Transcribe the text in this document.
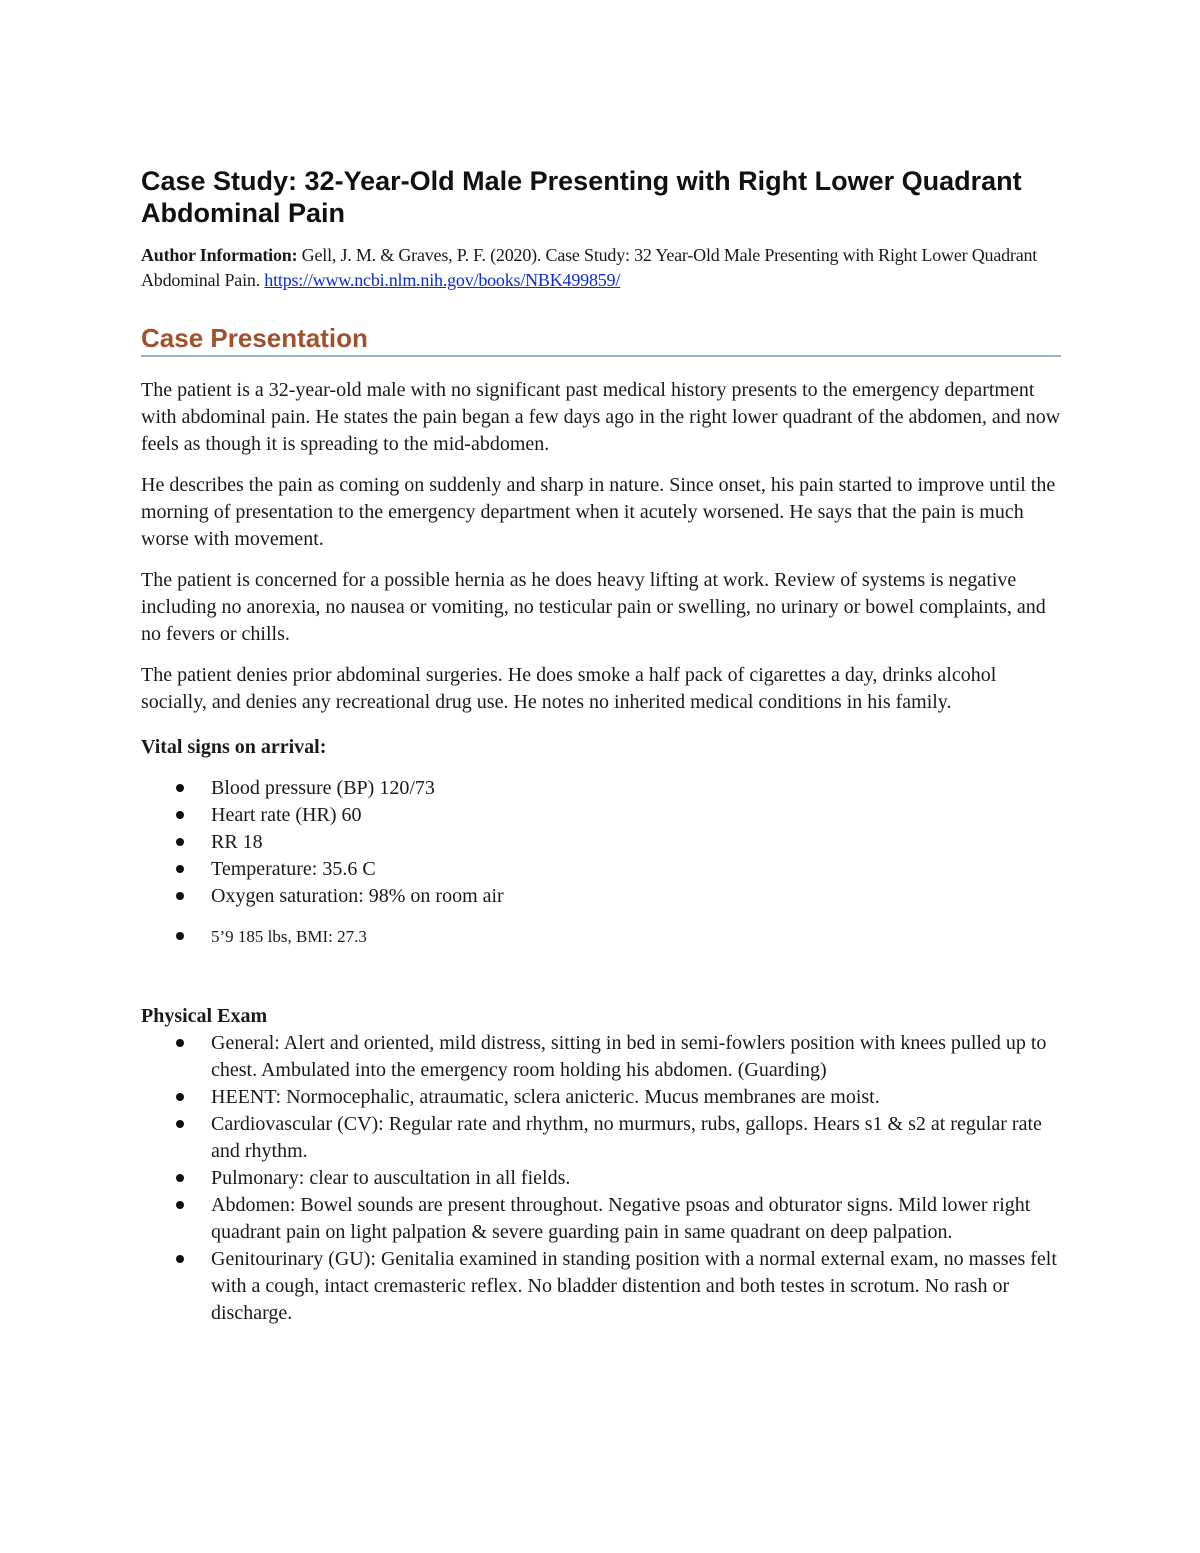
Case Study: 32-Year-Old Male Presenting with Right Lower Quadrant Abdominal Pain

Author Information: Gell, J. M. & Graves, P. F. (2020). Case Study: 32 Year-Old Male Presenting with Right Lower Quadrant Abdominal Pain. https://www.ncbi.nlm.nih.gov/books/NBK499859/

Case Presentation

The patient is a 32-year-old male with no significant past medical history presents to the emergency department with abdominal pain. He states the pain began a few days ago in the right lower quadrant of the abdomen, and now feels as though it is spreading to the mid-abdomen.

He describes the pain as coming on suddenly and sharp in nature. Since onset, his pain started to improve until the morning of presentation to the emergency department when it acutely worsened. He says that the pain is much worse with movement.

The patient is concerned for a possible hernia as he does heavy lifting at work. Review of systems is negative including no anorexia, no nausea or vomiting, no testicular pain or swelling, no urinary or bowel complaints, and no fevers or chills.

The patient denies prior abdominal surgeries. He does smoke a half pack of cigarettes a day, drinks alcohol socially, and denies any recreational drug use. He notes no inherited medical conditions in his family.

Vital signs on arrival:
Blood pressure (BP) 120/73
Heart rate (HR) 60
RR 18
Temperature: 35.6 C
Oxygen saturation: 98% on room air
5’9 185 lbs, BMI: 27.3
Physical Exam
General: Alert and oriented, mild distress, sitting in bed in semi-fowlers position with knees pulled up to chest. Ambulated into the emergency room holding his abdomen. (Guarding)
HEENT: Normocephalic, atraumatic, sclera anicteric. Mucus membranes are moist.
Cardiovascular (CV): Regular rate and rhythm, no murmurs, rubs, gallops. Hears s1 & s2 at regular rate and rhythm.
Pulmonary: clear to auscultation in all fields.
Abdomen: Bowel sounds are present throughout. Negative psoas and obturator signs. Mild lower right quadrant pain on light palpation & severe guarding pain in same quadrant on deep palpation.
Genitourinary (GU): Genitalia examined in standing position with a normal external exam, no masses felt with a cough, intact cremasteric reflex. No bladder distention and both testes in scrotum. No rash or discharge.
